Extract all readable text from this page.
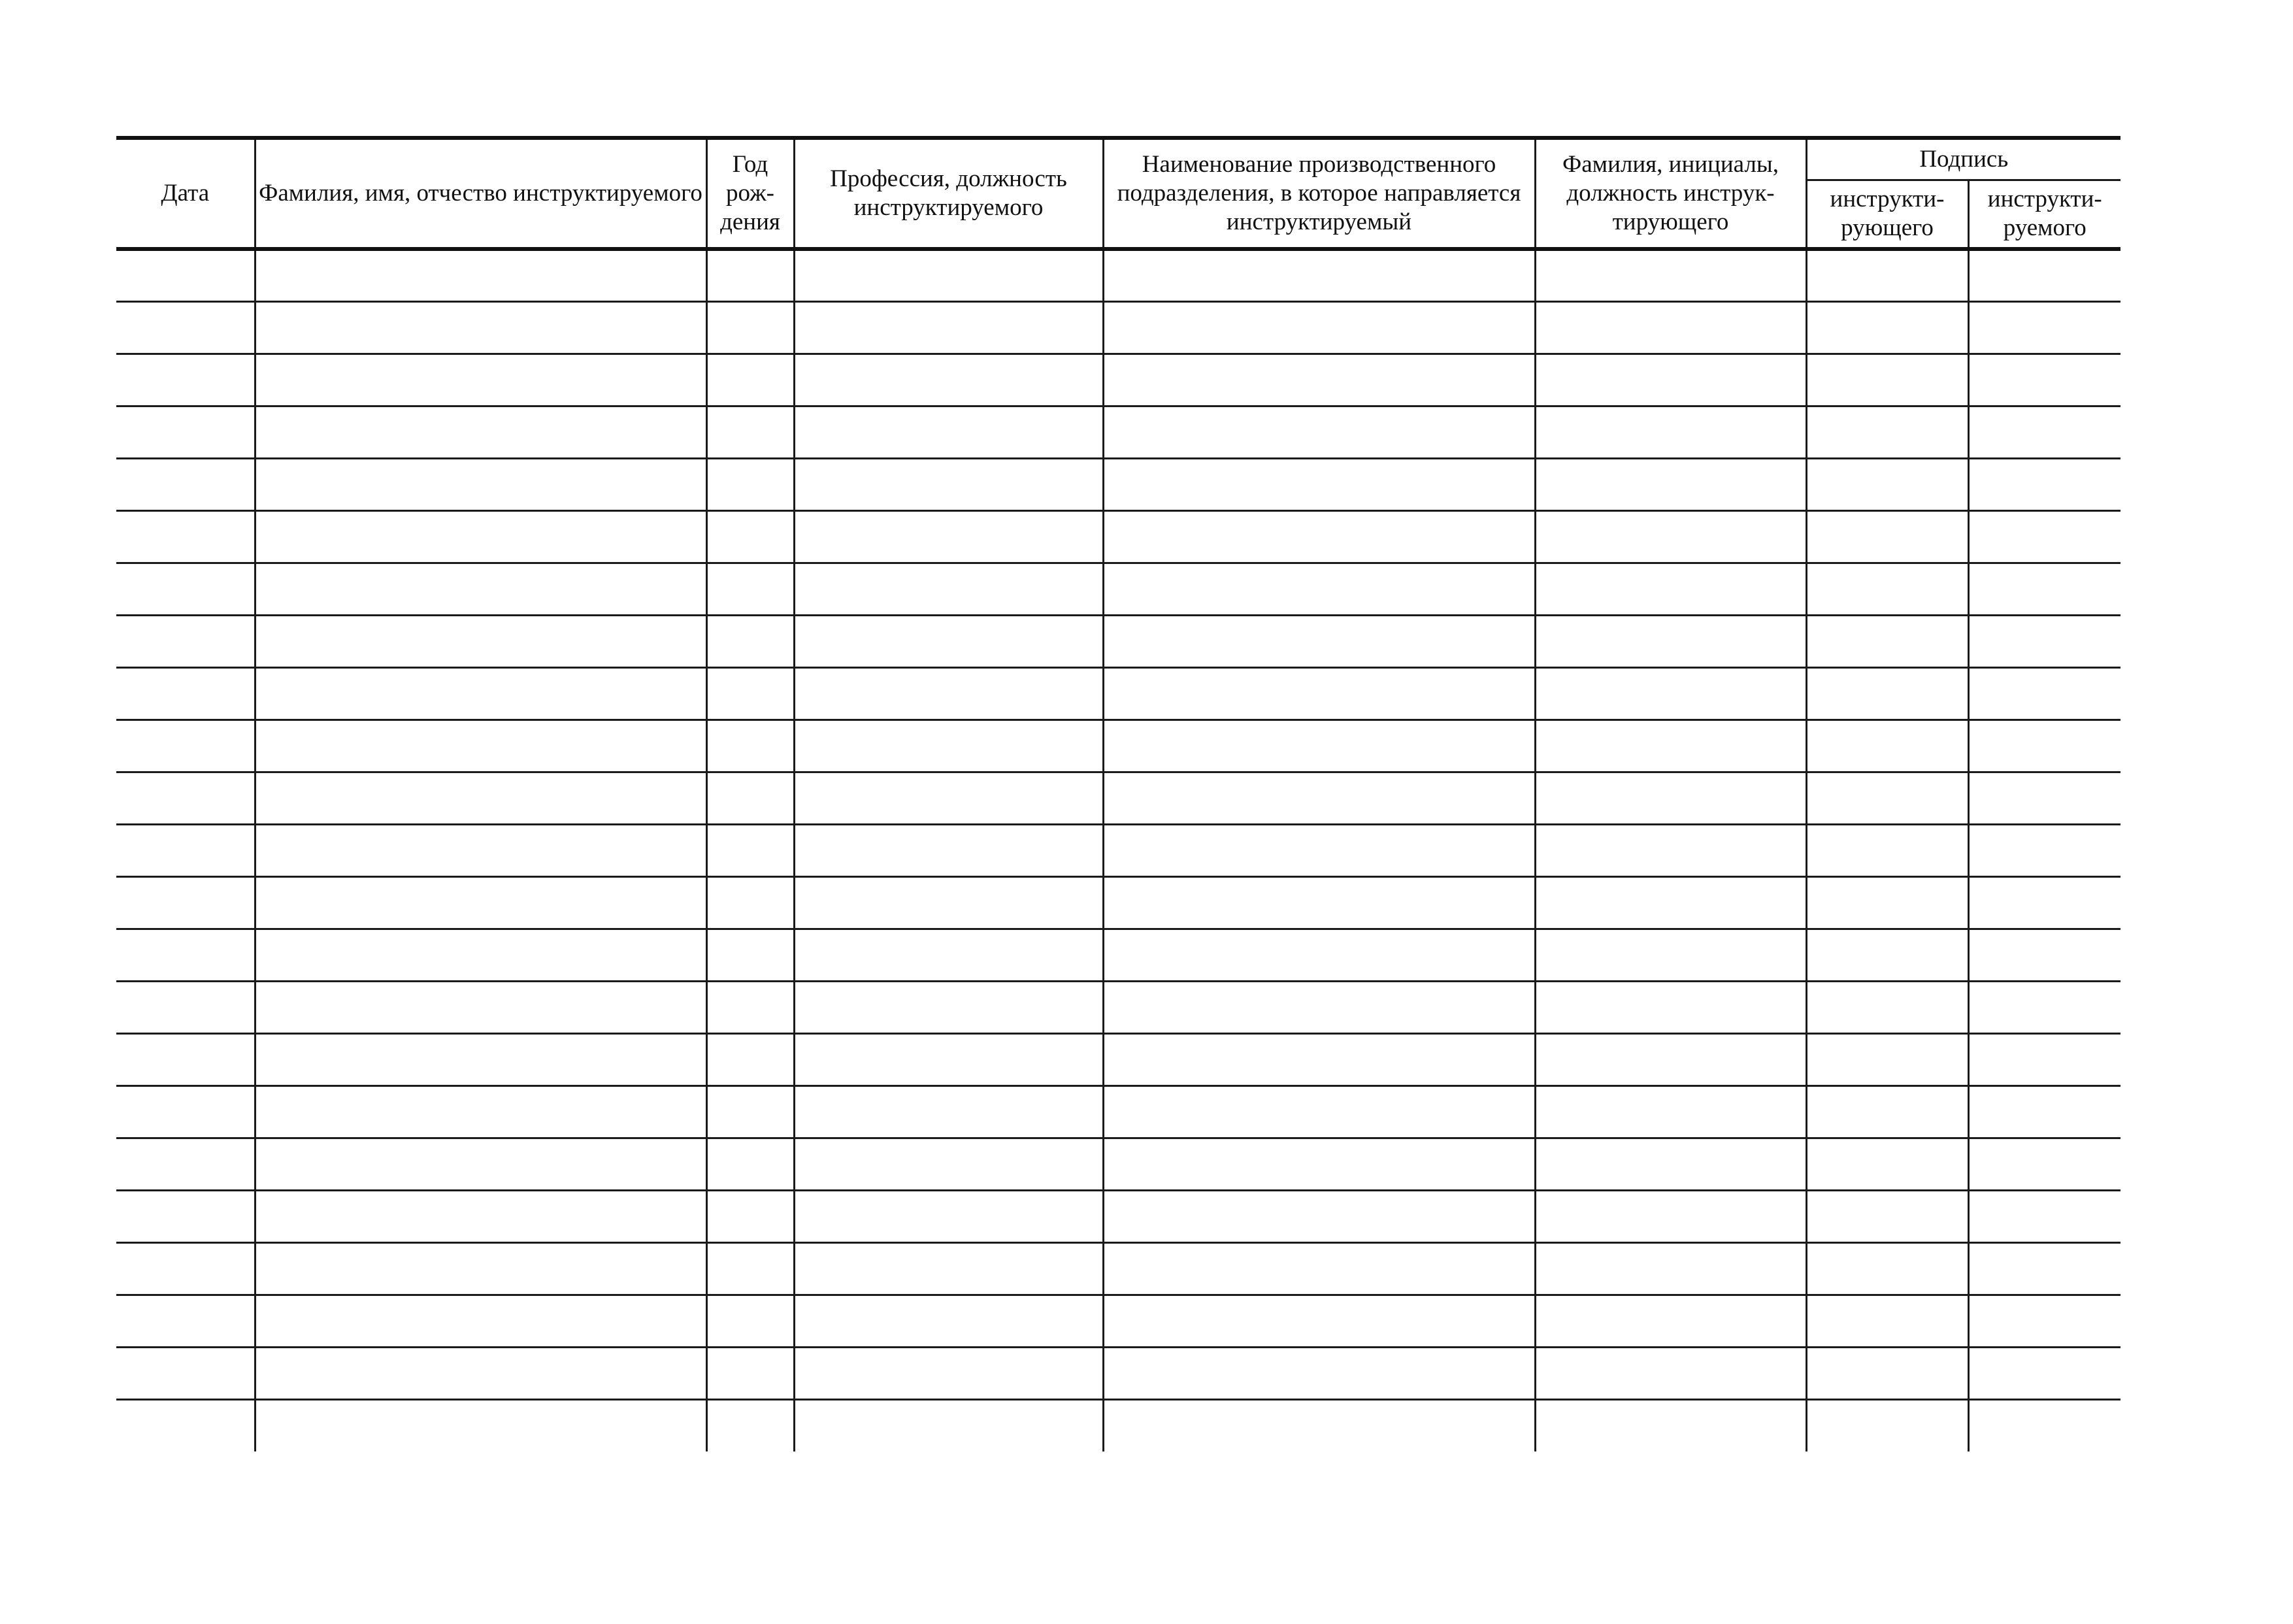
Дата	Фамилия, имя, отчество инструктируемого	Год рож-дения	Профессия, должность инструктируемого	Наименование производственного подразделения, в которое направляется инструктируемый	Фамилия, инициалы, должность инструк-тирующего	Подпись	
						инструкти-рующего	инструкти-руемого
